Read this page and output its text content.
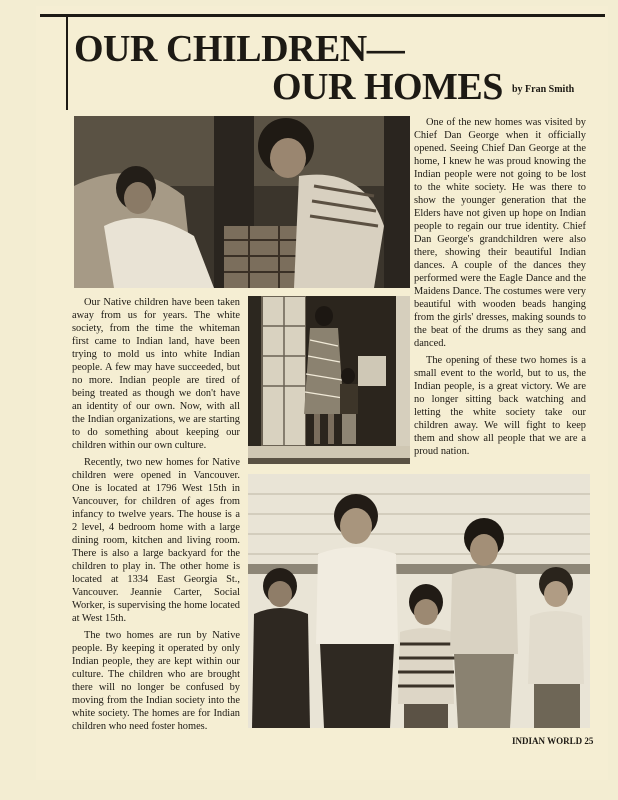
OUR CHILDREN—
OUR HOMES by Fran Smith

Our Native children have been taken away from us for years. The white society, from the time the whiteman first came to Indian land, have been trying to mold us into white Indian people. A few may have succeeded, but no more. Indian people are tired of being treated as though we don't have an identity of our own. Now, with all the Indian organizations, we are starting to do something about keeping our children within our own culture.

Recently, two new homes for Native children were opened in Vancouver. One is located at 1796 West 15th in Vancouver, for children of ages from infancy to twelve years. The house is a 2 level, 4 bedroom home with a large dining room, kitchen and living room. There is also a large backyard for the children to play in. The other home is located at 1334 East Georgia St., Vancouver. Jeannie Carter, Social Worker, is supervising the home located at West 15th.

The two homes are run by Native people. By keeping it operated by only Indian people, they are kept within our culture. The children who are brought there will no longer be confused by moving from the Indian society into the white society. The homes are for Indian children who need foster homes.

One of the new homes was visited by Chief Dan George when it officially opened. Seeing Chief Dan George at the home, I knew he was proud knowing the Indian people were not going to be lost to the white society. He was there to show the younger generation that the Elders have not given up hope on Indian people to regain our true identity. Chief Dan George's grandchildren were also there, showing their beautiful Indian dances. A couple of the dances they performed were the Eagle Dance and the Maidens Dance. The costumes were very beautiful with wooden beads hanging from the girls' dresses, making sounds to the beat of the drums as they sang and danced.

The opening of these two homes is a small event to the world, but to us, the Indian people, is a great victory. We are no longer sitting back watching and letting the white society take our children away. We will fight to keep them and show all people that we are a proud nation.

INDIAN WORLD 25
